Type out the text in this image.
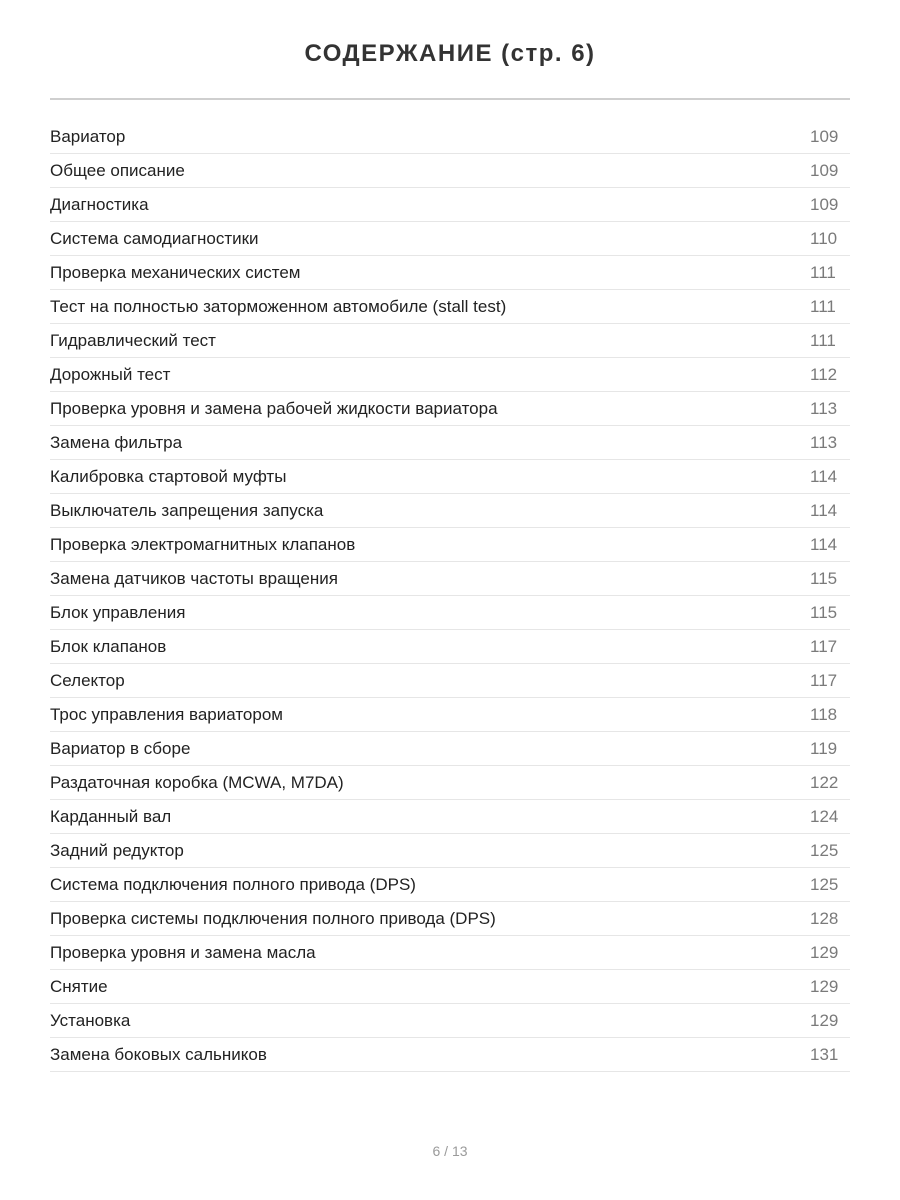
СОДЕРЖАНИЕ (стр. 6)
Вариатор	109
Общее описание	109
Диагностика	109
Система самодиагностики	110
Проверка механических систем	111
Тест на полностью заторможенном автомобиле (stall test)	111
Гидравлический тест	111
Дорожный тест	112
Проверка уровня и замена рабочей жидкости вариатора	113
Замена фильтра	113
Калибровка стартовой муфты	114
Выключатель запрещения запуска	114
Проверка электромагнитных клапанов	114
Замена датчиков частоты вращения	115
Блок управления	115
Блок клапанов	117
Селектор	117
Трос управления вариатором	118
Вариатор в сборе	119
Раздаточная коробка (MCWA, M7DA)	122
Карданный вал	124
Задний редуктор	125
Система подключения полного привода (DPS)	125
Проверка системы подключения полного привода (DPS)	128
Проверка уровня и замена масла	129
Снятие	129
Установка	129
Замена боковых сальников	131
6 / 13
